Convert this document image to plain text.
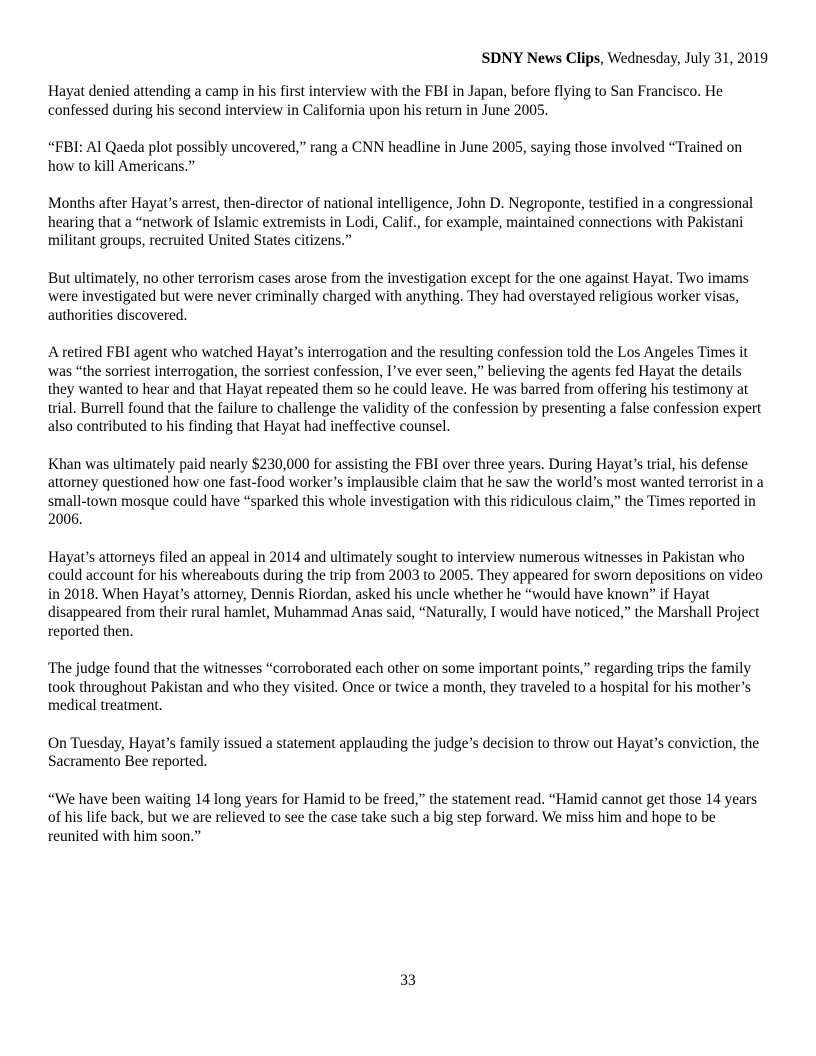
SDNY News Clips, Wednesday, July 31, 2019

Hayat denied attending a camp in his first interview with the FBI in Japan, before flying to San Francisco. He confessed during his second interview in California upon his return in June 2005.

“FBI: Al Qaeda plot possibly uncovered,” rang a CNN headline in June 2005, saying those involved “Trained on how to kill Americans.”

Months after Hayat’s arrest, then-director of national intelligence, John D. Negroponte, testified in a congressional hearing that a “network of Islamic extremists in Lodi, Calif., for example, maintained connections with Pakistani militant groups, recruited United States citizens.”

But ultimately, no other terrorism cases arose from the investigation except for the one against Hayat. Two imams were investigated but were never criminally charged with anything. They had overstayed religious worker visas, authorities discovered.

A retired FBI agent who watched Hayat’s interrogation and the resulting confession told the Los Angeles Times it was “the sorriest interrogation, the sorriest confession, I’ve ever seen,” believing the agents fed Hayat the details they wanted to hear and that Hayat repeated them so he could leave. He was barred from offering his testimony at trial. Burrell found that the failure to challenge the validity of the confession by presenting a false confession expert also contributed to his finding that Hayat had ineffective counsel.

Khan was ultimately paid nearly $230,000 for assisting the FBI over three years. During Hayat’s trial, his defense attorney questioned how one fast-food worker’s implausible claim that he saw the world’s most wanted terrorist in a small-town mosque could have “sparked this whole investigation with this ridiculous claim,” the Times reported in 2006.

Hayat’s attorneys filed an appeal in 2014 and ultimately sought to interview numerous witnesses in Pakistan who could account for his whereabouts during the trip from 2003 to 2005. They appeared for sworn depositions on video in 2018. When Hayat’s attorney, Dennis Riordan, asked his uncle whether he “would have known” if Hayat disappeared from their rural hamlet, Muhammad Anas said, “Naturally, I would have noticed,” the Marshall Project reported then.

The judge found that the witnesses “corroborated each other on some important points,” regarding trips the family took throughout Pakistan and who they visited. Once or twice a month, they traveled to a hospital for his mother’s medical treatment.

On Tuesday, Hayat’s family issued a statement applauding the judge’s decision to throw out Hayat’s conviction, the Sacramento Bee reported.

“We have been waiting 14 long years for Hamid to be freed,” the statement read. “Hamid cannot get those 14 years of his life back, but we are relieved to see the case take such a big step forward. We miss him and hope to be reunited with him soon.”

33
